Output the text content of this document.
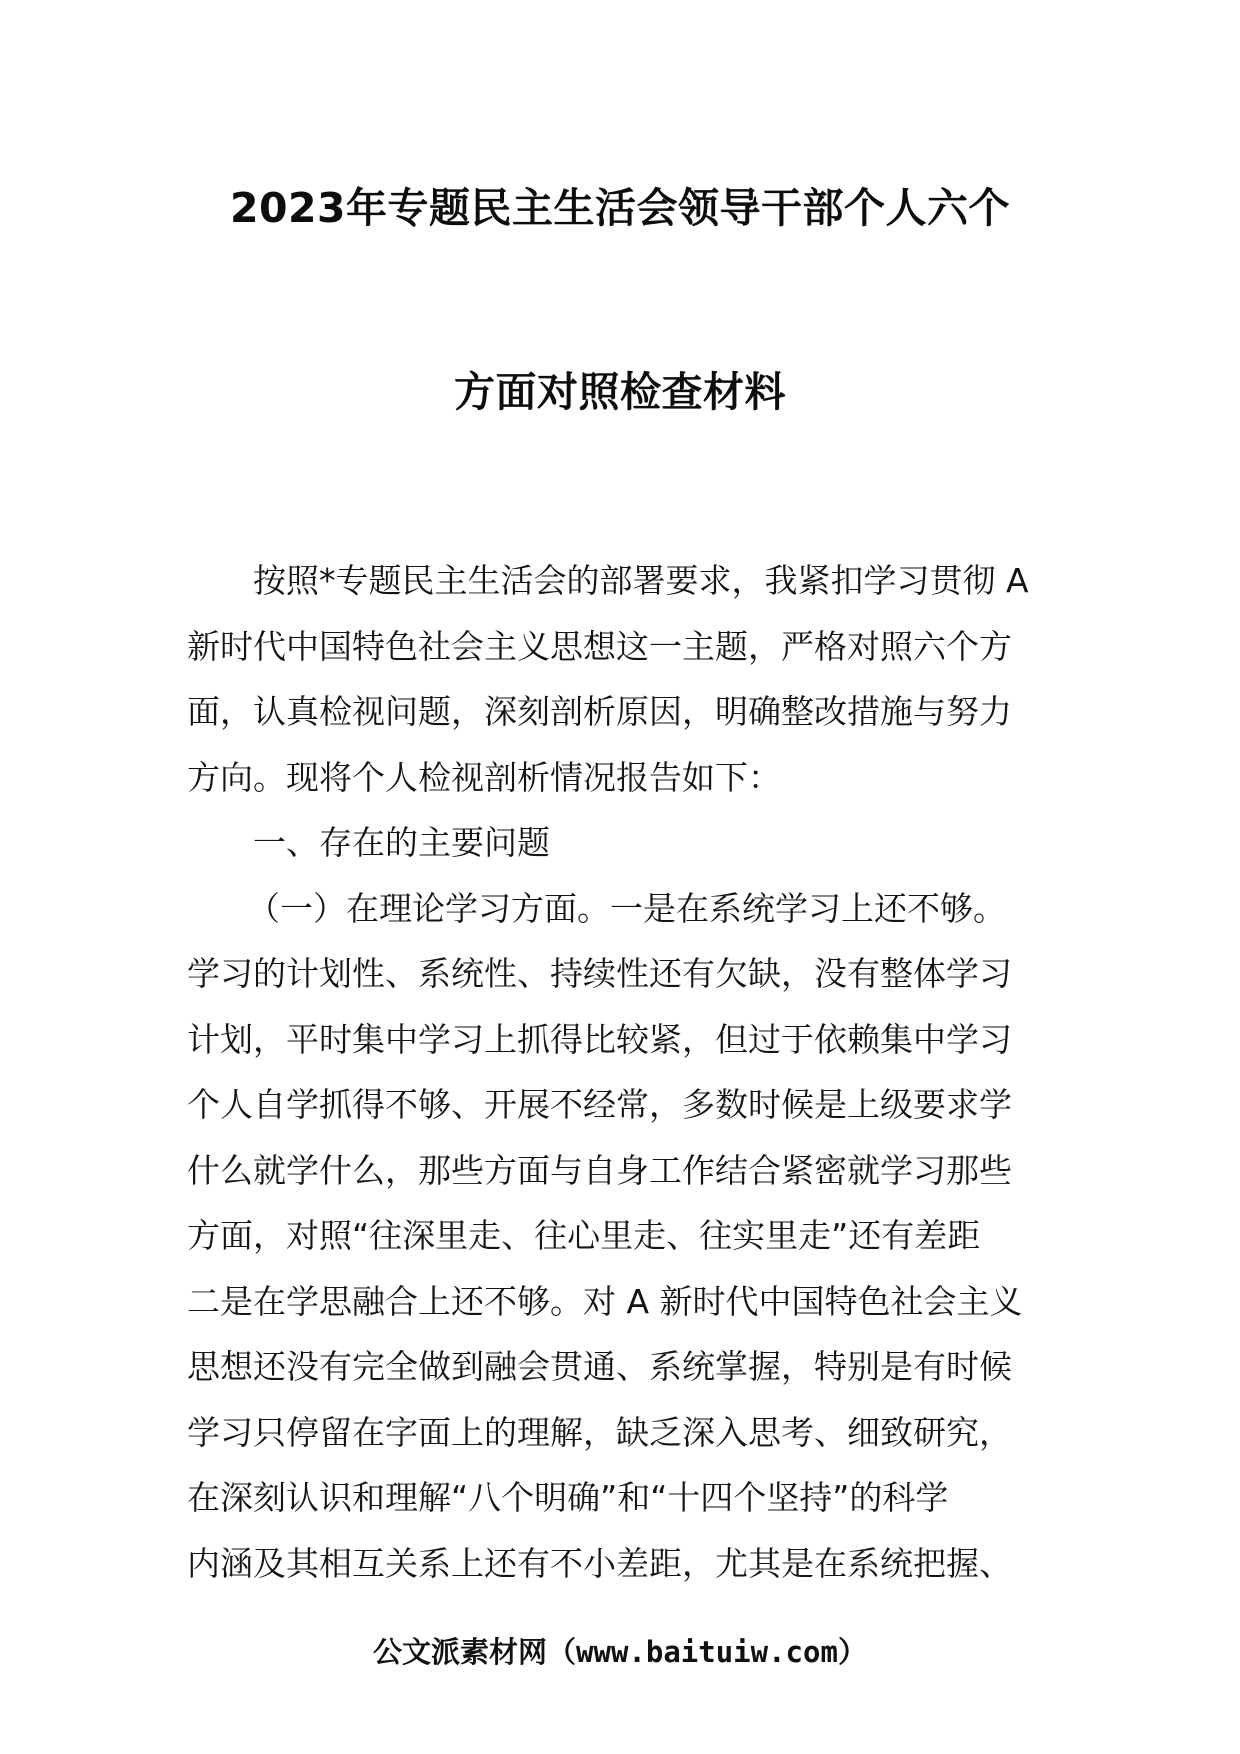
2023年专题民主生活会领导干部个人六个
方面对照检查材料
按照*专题民主生活会的部署要求，我紧扣学习贯彻 A
新时代中国特色社会主义思想这一主题，严格对照六个方
面，认真检视问题，深刻剖析原因，明确整改措施与努力
方向。现将个人检视剖析情况报告如下：
一、存在的主要问题
（一）在理论学习方面。一是在系统学习上还不够。
学习的计划性、系统性、持续性还有欠缺，没有整体学习
计划，平时集中学习上抓得比较紧，但过于依赖集中学习
个人自学抓得不够、开展不经常，多数时候是上级要求学
什么就学什么，那些方面与自身工作结合紧密就学习那些
方面，对照“往深里走、往心里走、往实里走”还有差距
二是在学思融合上还不够。对 A 新时代中国特色社会主义
思想还没有完全做到融会贯通、系统掌握，特别是有时候
学习只停留在字面上的理解，缺乏深入思考、细致研究，
在深刻认识和理解“八个明确”和“十四个坚持”的科学
内涵及其相互关系上还有不小差距，尤其是在系统把握、
公文派素材网（www.baituiw.com）
